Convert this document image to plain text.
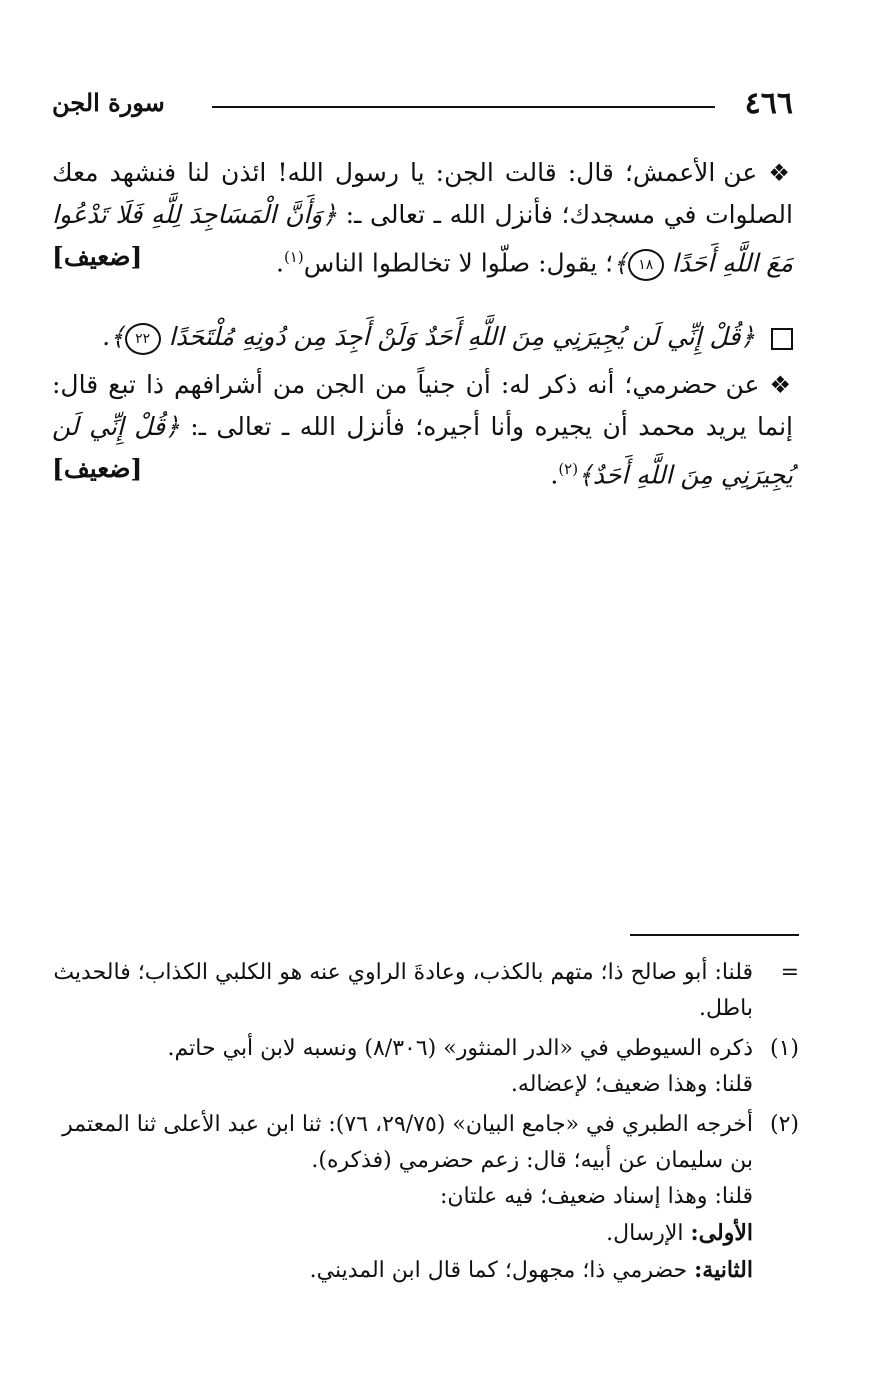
٤٦٦
سورة الجن

❖ عن الأعمش؛ قال: قالت الجن: يا رسول الله! ائذن لنا فنشهد معك الصلوات في مسجدك؛ فأنزل الله ـ تعالى ـ: ﴿وَأَنَّ الْمَسَاجِدَ لِلَّهِ فَلَا تَدْعُوا مَعَ اللَّهِ أَحَدًا ١٨﴾؛ يقول: صلّوا لا تخالطوا الناس$^{(١)}$.
[ضعيف]

﴿قُلْ إِنِّي لَن يُجِيرَنِي مِنَ اللَّهِ أَحَدٌ وَلَنْ أَجِدَ مِن دُونِهِ مُلْتَحَدًا ٢٢﴾.

❖ عن حضرمي؛ أنه ذكر له: أن جنياً من الجن من أشرافهم ذا تبع قال: إنما يريد محمد أن يجيره وأنا أجيره؛ فأنزل الله ـ تعالى ـ: ﴿قُلْ إِنِّي لَن يُجِيرَنِي مِنَ اللَّهِ أَحَدٌ﴾$^{(٢)}$.
[ضعيف]

=
قلنا: أبو صالح ذا؛ متهم بالكذب، وعادةَ الراوي عنه هو الكلبي الكذاب؛ فالحديث باطل.

(١)
ذكره السيوطي في «الدر المنثور» (٨/٣٠٦) ونسبه لابن أبي حاتم.

قلنا: وهذا ضعيف؛ لإعضاله.

(٢)
أخرجه الطبري في «جامع البيان» (٢٩/٧٥، ٧٦): ثنا ابن عبد الأعلى ثنا المعتمر بن سليمان عن أبيه؛ قال: زعم حضرمي (فذكره).

قلنا: وهذا إسناد ضعيف؛ فيه علتان:

الأولى: الإرسال.

الثانية: حضرمي ذا؛ مجهول؛ كما قال ابن المديني.
